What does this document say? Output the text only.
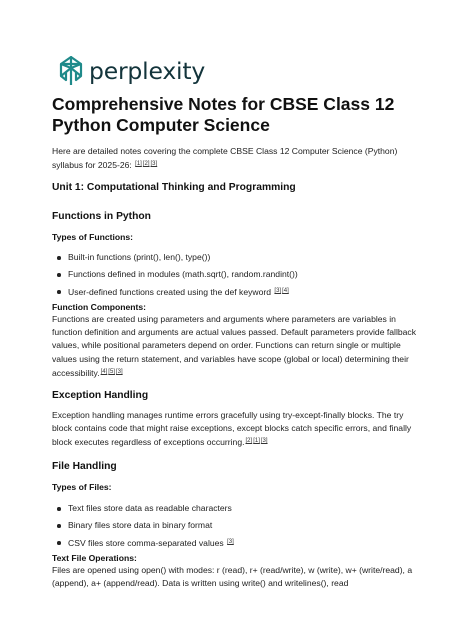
perplexity
Comprehensive Notes for CBSE Class 12 Python Computer Science

Here are detailed notes covering the complete CBSE Class 12 Computer Science (Python) syllabus for 2025-26: [1][2][3]

Unit 1: Computational Thinking and Programming

Functions in Python

Types of Functions:

Built-in functions (print(), len(), type())
Functions defined in modules (math.sqrt(), random.randint())
User-defined functions created using the def keyword [3][4]

Function Components:

Functions are created using parameters and arguments where parameters are variables in function definition and arguments are actual values passed. Default parameters provide fallback values, while positional parameters depend on order. Functions can return single or multiple values using the return statement, and variables have scope (global or local) determining their accessibility.[4][5][3]

Exception Handling

Exception handling manages runtime errors gracefully using try-except-finally blocks. The try block contains code that might raise exceptions, except blocks catch specific errors, and finally block executes regardless of exceptions occurring.[2][1][3]

File Handling

Types of Files:

Text files store data as readable characters
Binary files store data in binary format
CSV files store comma-separated values [3]

Text File Operations:

Files are opened using open() with modes: r (read), r+ (read/write), w (write), w+ (write/read), a (append), a+ (append/read). Data is written using write() and writelines(), read
